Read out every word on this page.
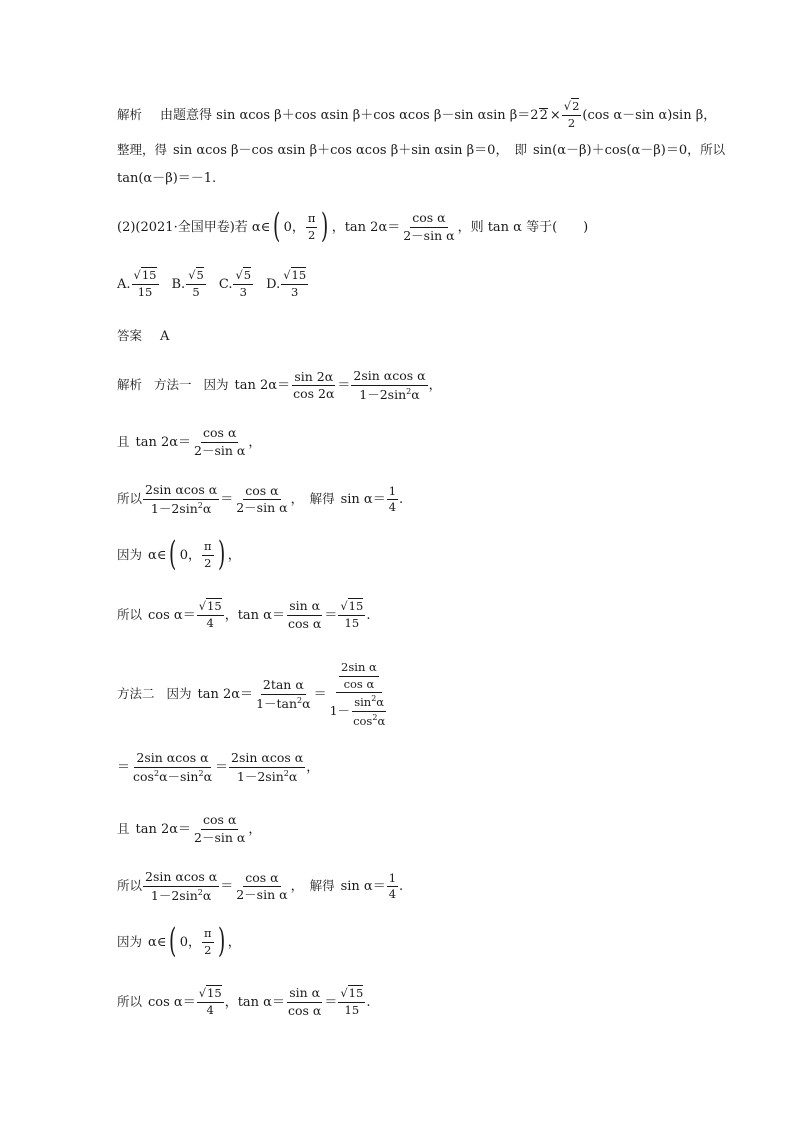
解析 由题意得 sin αcos β＋cos αsin β＋cos αcos β－sin αsin β＝2 $2 \times \frac{√2}{2} (\cos$ α－sin α)sin β，
整理，得 sin αcos β－cos αsin β＋cos αcos β＋sin αsin β＝0， 即 sin(α－β)＋cos(α－β)＝0， 所以
tan(α－β)＝－1.
(2)(2021·全国甲卷)若 α∈ ( 0， $\frac{\pi}{2}$ ) ，$\tan 2\alpha= \frac{\text{cos α}}{\text{2－sin α}}$ ，则 tan α 等于(　　)
A. $\frac{√15}{15} B$. $\frac{√5}{5} C$. $\frac{√5}{3} D$. $\frac{√15}{3}$
答案 A
解析 方法一 因为 $\tan 2\alpha= \frac{\sin 2\alpha}{\cos 2\alpha} = \frac{\text{2sin αcos α}}{1-2\sin^2\alpha}$ ，
且 $\tan 2\alpha= \frac{\text{cos α}}{\text{2－sin α}}$ ，
所以 $\frac{\text{2sin αcos α}}{1-2\sin^2\alpha} = \frac{\text{cos α}}{\text{2－sin α}}$ ， 解得 $\sin \alpha= \frac{1}{4}$ .
因为 α∈ ( 0， $\frac{\pi}{2}$ ) ，
所以 $\cos \alpha= \frac{√15}{4}$ ， $\tan \alpha= \frac{\text{sin α}}{\text{cos α}} = \frac{√15}{15}$ .
方法二 因为 $\tan 2\alpha= \frac{\text{2tan α}}{1-\tan^2\alpha} = \frac{\frac{\text{2sin α}}{\text{cos α}}}{1- \frac{\sin^2\alpha}{\cos^2\alpha}}$
＝ $\frac{\text{2sin αcos α}}{\cos^2\alpha-\sin^2\alpha} = \frac{\text{2sin αcos α}}{1-2\sin^2\alpha}$ ，
且 $\tan 2\alpha= \frac{\text{cos α}}{\text{2－sin α}}$ ，
所以 $\frac{\text{2sin αcos α}}{1-2\sin^2\alpha} = \frac{\text{cos α}}{\text{2－sin α}}$ ， 解得 $\sin \alpha= \frac{1}{4}$ .
因为 α∈ ( 0， $\frac{\pi}{2}$ ) ，
所以 $\cos \alpha= \frac{√15}{4}$ ， $\tan \alpha= \frac{\text{sin α}}{\text{cos α}} = \frac{√15}{15}$ .
